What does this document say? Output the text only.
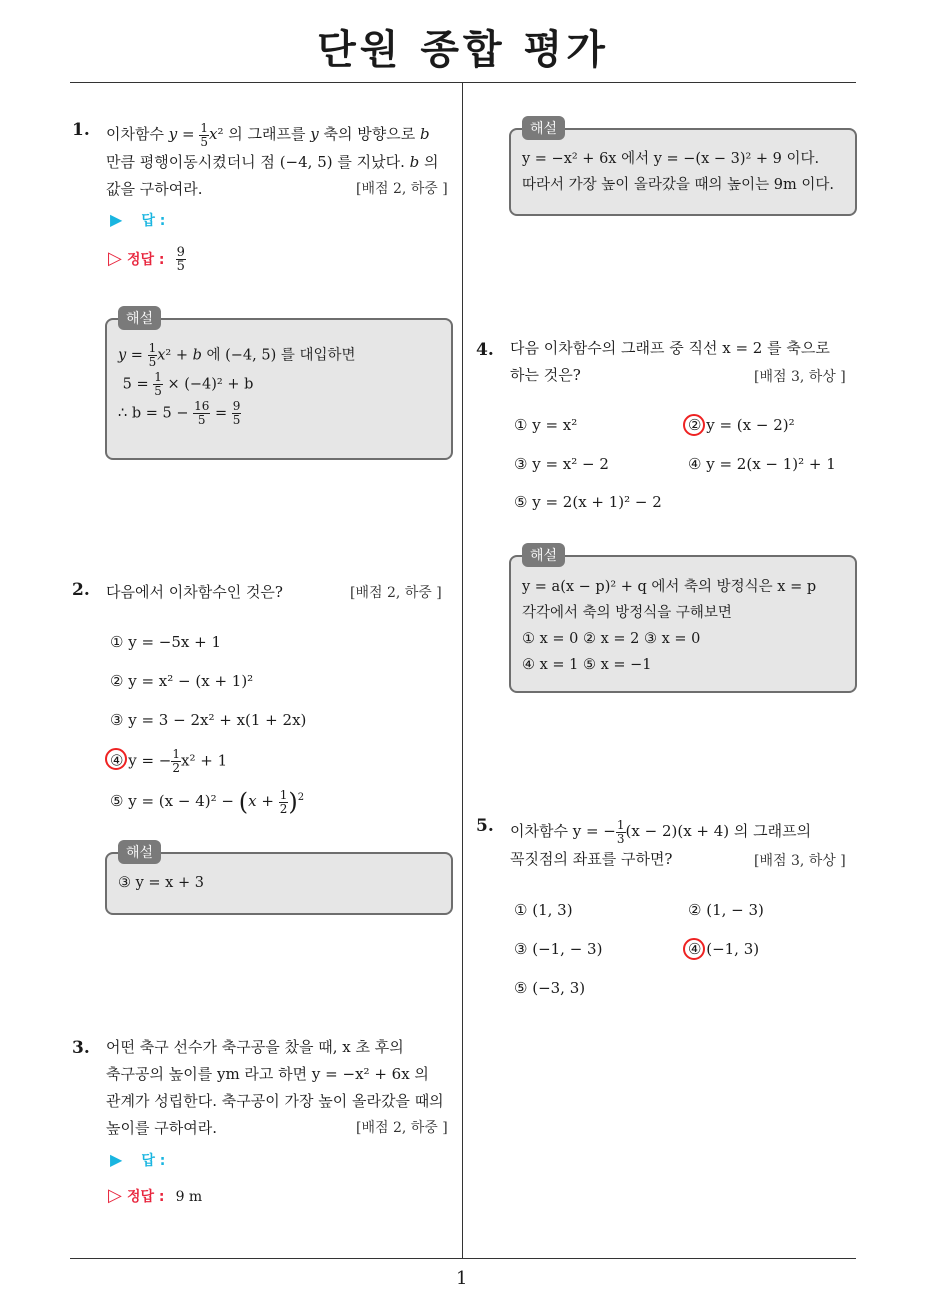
단원 종합 평가
1
1. 이차함수 $y = \frac{1}{5} x^2$ 의 그래프를 y 축의 방향으로 b
만큼 평행이동시켰더니 점 (−4, 5) 를 지났다. b 의
값을 구하여라.	[배점 2, 하중 ]
▶ 답 :
▷ 정답 : $\frac{9}{5}$
해설
$y = \frac{1}{5} x^2 + b$ 에 (−4, 5) 를 대입하면
$5 = \frac{1}{5} \times (-4)^2 + b$
∴ $b = 5 - \frac{16}{5} = \frac{9}{5}$
2. 다음에서 이차함수인 것은?	[배점 2, 하중 ]
① y = −5x + 1
② y = x² − (x + 1)²
③ y = 3 − 2x² + x(1 + 2x)
④ y = − $\frac{1}{2} x^2 + 1$
⑤ $y = (x - 4)^2 - (x + \frac{1}{2} )^2$
해설
③ y = x + 3
3. 어떤 축구 선수가 축구공을 찼을 때, x 초 후의
축구공의 높이를 ym 라고 하면 y = −x² + 6x 의
관계가 성립한다. 축구공이 가장 높이 올라갔을 때의
높이를 구하여라.	[배점 2, 하중 ]
▶ 답 :
▷ 정답 : 9 m
해설
y = −x² + 6x 에서 y = −(x − 3)² + 9 이다.
따라서 가장 높이 올라갔을 때의 높이는 9m 이다.
4. 다음 이차함수의 그래프 중 직선 x = 2 를 축으로
하는 것은?	[배점 3, 하상 ]
① y = x²	② y = (x − 2)²
③ y = x² − 2	④ y = 2(x − 1)² + 1
⑤ y = 2(x + 1)² − 2
해설
y = a(x − p)² + q 에서 축의 방정식은 x = p
각각에서 축의 방정식을 구해보면
① x = 0 ② x = 2 ③ x = 0
④ x = 1 ⑤ x = −1
5. 이차함수 y = − $\frac{1}{3} (x - 2)(x + 4)$ 의 그래프의
꼭짓점의 좌표를 구하면?	[배점 3, 하상 ]
① (1, 3)	② (1, − 3)
③ (−1, − 3)	④ (−1, 3)
⑤ (−3, 3)
